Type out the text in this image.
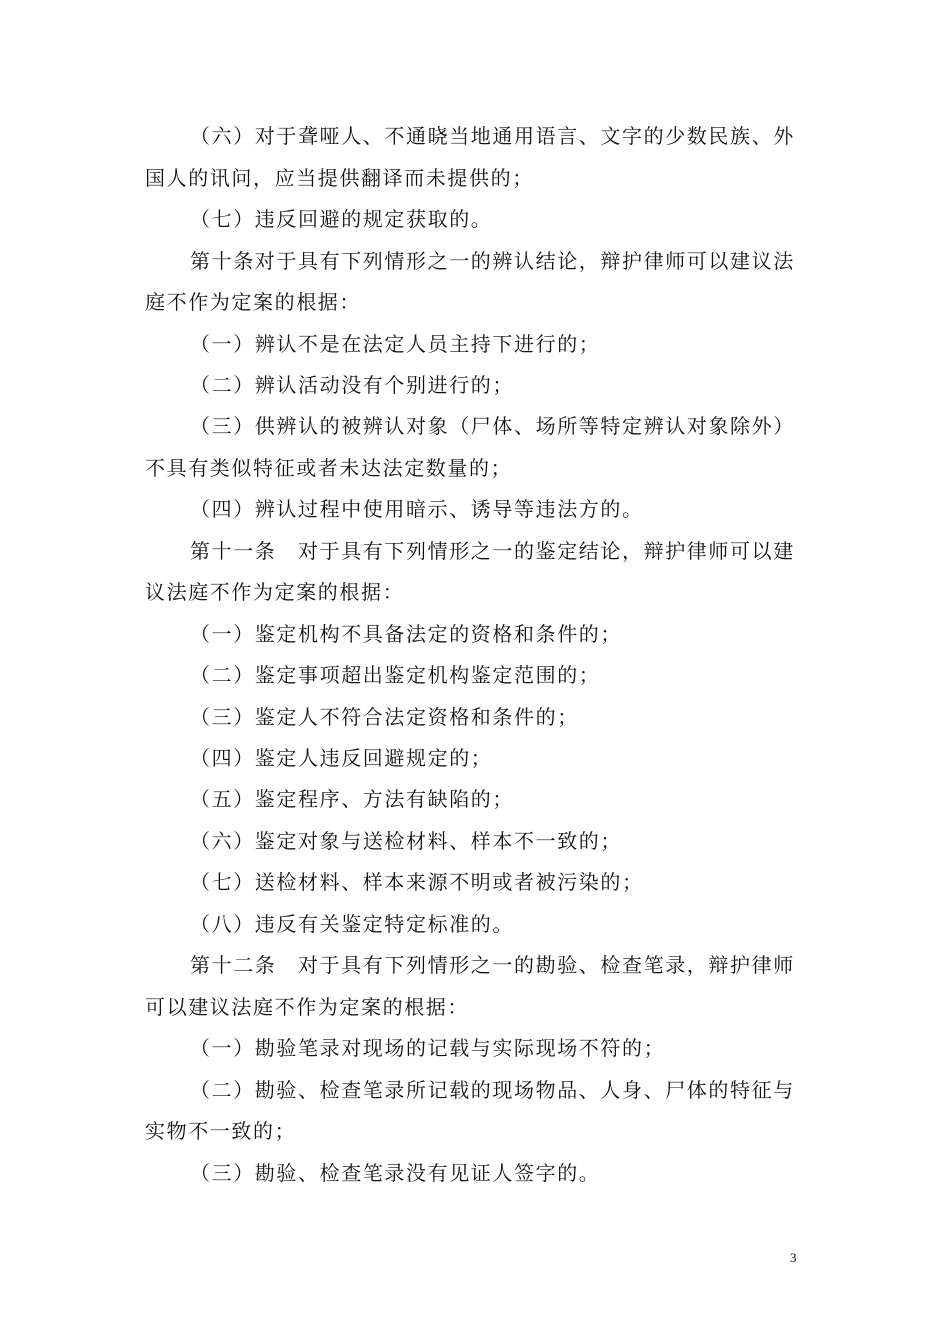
（六）对于聋哑人、不通晓当地通用语言、文字的少数民族、外
国人的讯问，应当提供翻译而未提供的；
（七）违反回避的规定获取的。
第十条对于具有下列情形之一的辨认结论，辩护律师可以建议法
庭不作为定案的根据：
（一）辨认不是在法定人员主持下进行的；
（二）辨认活动没有个别进行的；
（三）供辨认的被辨认对象（尸体、场所等特定辨认对象除外）
不具有类似特征或者未达法定数量的；
（四）辨认过程中使用暗示、诱导等违法方的。
第十一条　对于具有下列情形之一的鉴定结论，辩护律师可以建
议法庭不作为定案的根据：
（一）鉴定机构不具备法定的资格和条件的；
（二）鉴定事项超出鉴定机构鉴定范围的；
（三）鉴定人不符合法定资格和条件的；
（四）鉴定人违反回避规定的；
（五）鉴定程序、方法有缺陷的；
（六）鉴定对象与送检材料、样本不一致的；
（七）送检材料、样本来源不明或者被污染的；
（八）违反有关鉴定特定标准的。
第十二条　对于具有下列情形之一的勘验、检查笔录，辩护律师
可以建议法庭不作为定案的根据：
（一）勘验笔录对现场的记载与实际现场不符的；
（二）勘验、检查笔录所记载的现场物品、人身、尸体的特征与
实物不一致的；
（三）勘验、检查笔录没有见证人签字的。
3
